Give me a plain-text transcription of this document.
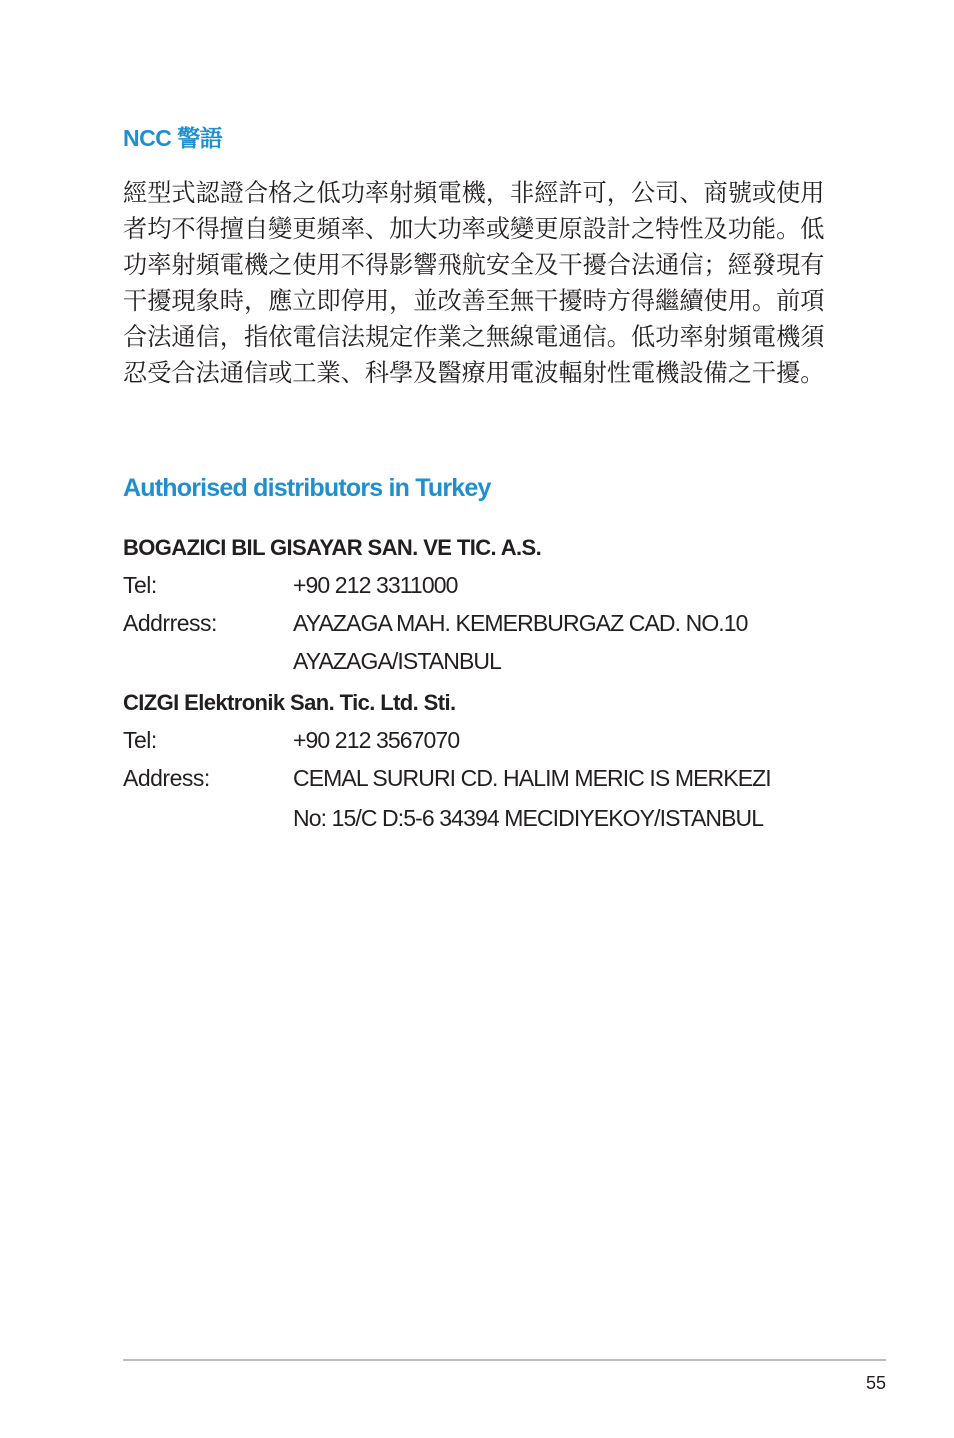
NCC 警語

經型式認證合格之低功率射頻電機，非經許可，公司、商號或使用者均不得擅自變更頻率、加大功率或變更原設計之特性及功能。低功率射頻電機之使用不得影響飛航安全及干擾合法通信；經發現有干擾現象時，應立即停用，並改善至無干擾時方得繼續使用。前項合法通信，指依電信法規定作業之無線電通信。低功率射頻電機須忍受合法通信或工業、科學及醫療用電波輻射性電機設備之干擾。

Authorised distributors in Turkey
BOGAZICI BIL GISAYAR SAN. VE TIC. A.S.
Tel:	+90 212 3311000
Addrress:	AYAZAGA MAH. KEMERBURGAZ CAD. NO.10
AYAZAGA/ISTANBUL
CIZGI Elektronik San. Tic. Ltd. Sti.
Tel:	+90 212 3567070
Address:	CEMAL SURURI CD. HALIM MERIC IS MERKEZI
No: 15/C D:5-6 34394 MECIDIYEKOY/ISTANBUL
55
